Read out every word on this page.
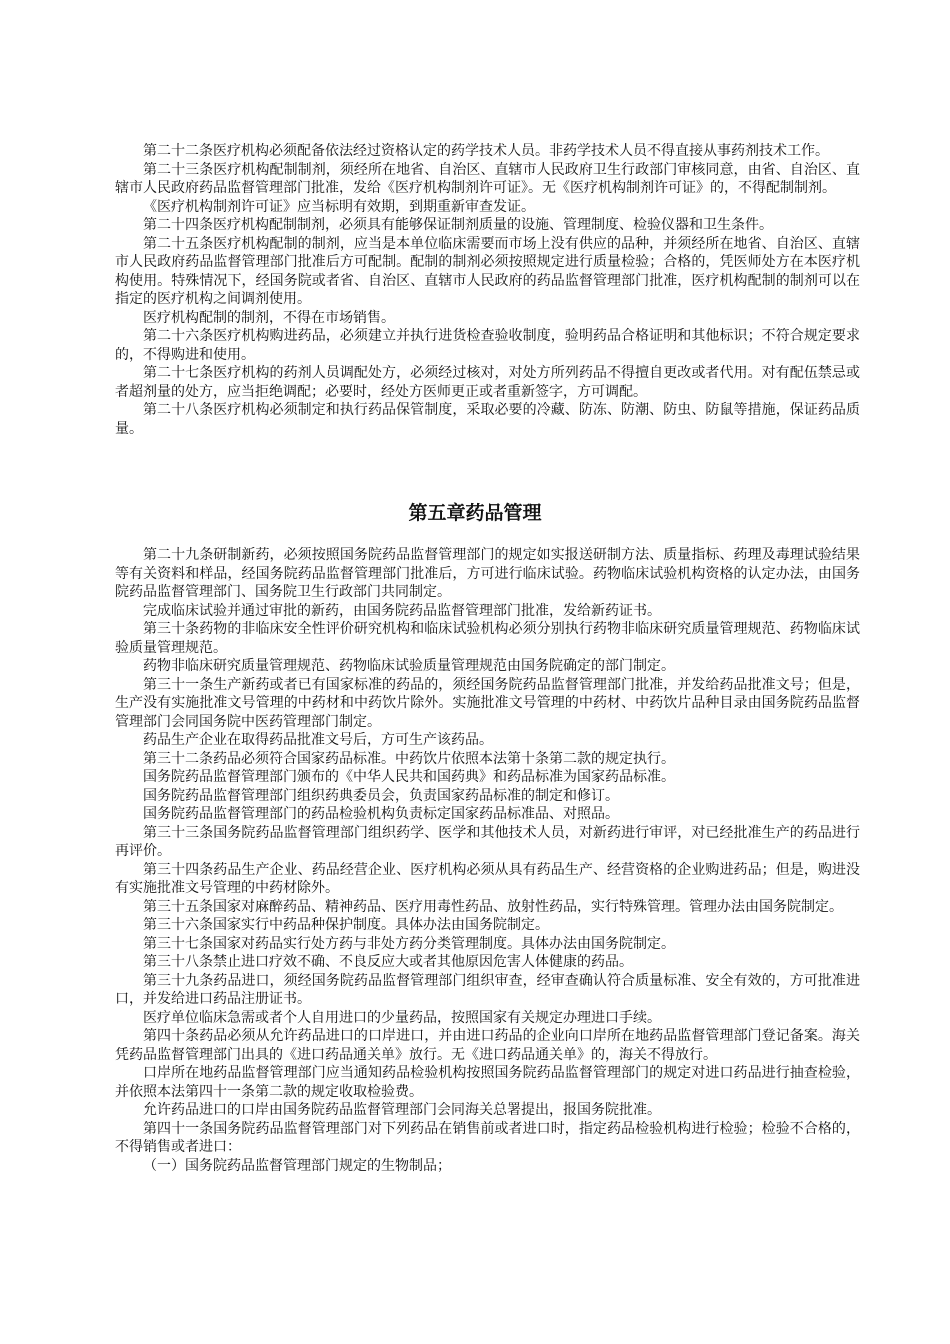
第二十二条医疗机构必须配备依法经过资格认定的药学技术人员。非药学技术人员不得直接从事药剂技术工作。

第二十三条医疗机构配制制剂，须经所在地省、自治区、直辖市人民政府卫生行政部门审核同意，由省、自治区、直辖市人民政府药品监督管理部门批准，发给《医疗机构制剂许可证》。无《医疗机构制剂许可证》的，不得配制制剂。

《医疗机构制剂许可证》应当标明有效期，到期重新审查发证。

第二十四条医疗机构配制制剂，必须具有能够保证制剂质量的设施、管理制度、检验仪器和卫生条件。

第二十五条医疗机构配制的制剂，应当是本单位临床需要而市场上没有供应的品种，并须经所在地省、自治区、直辖市人民政府药品监督管理部门批准后方可配制。配制的制剂必须按照规定进行质量检验；合格的，凭医师处方在本医疗机构使用。特殊情况下，经国务院或者省、自治区、直辖市人民政府的药品监督管理部门批准，医疗机构配制的制剂可以在指定的医疗机构之间调剂使用。

医疗机构配制的制剂，不得在市场销售。

第二十六条医疗机构购进药品，必须建立并执行进货检查验收制度，验明药品合格证明和其他标识；不符合规定要求的，不得购进和使用。

第二十七条医疗机构的药剂人员调配处方，必须经过核对，对处方所列药品不得擅自更改或者代用。对有配伍禁忌或者超剂量的处方，应当拒绝调配；必要时，经处方医师更正或者重新签字，方可调配。

第二十八条医疗机构必须制定和执行药品保管制度，采取必要的冷藏、防冻、防潮、防虫、防鼠等措施，保证药品质量。

第五章药品管理

第二十九条研制新药，必须按照国务院药品监督管理部门的规定如实报送研制方法、质量指标、药理及毒理试验结果等有关资料和样品，经国务院药品监督管理部门批准后，方可进行临床试验。药物临床试验机构资格的认定办法，由国务院药品监督管理部门、国务院卫生行政部门共同制定。

完成临床试验并通过审批的新药，由国务院药品监督管理部门批准，发给新药证书。

第三十条药物的非临床安全性评价研究机构和临床试验机构必须分别执行药物非临床研究质量管理规范、药物临床试验质量管理规范。

药物非临床研究质量管理规范、药物临床试验质量管理规范由国务院确定的部门制定。

第三十一条生产新药或者已有国家标准的药品的，须经国务院药品监督管理部门批准，并发给药品批准文号；但是，生产没有实施批准文号管理的中药材和中药饮片除外。实施批准文号管理的中药材、中药饮片品种目录由国务院药品监督管理部门会同国务院中医药管理部门制定。

药品生产企业在取得药品批准文号后，方可生产该药品。

第三十二条药品必须符合国家药品标准。中药饮片依照本法第十条第二款的规定执行。

国务院药品监督管理部门颁布的《中华人民共和国药典》和药品标准为国家药品标准。

国务院药品监督管理部门组织药典委员会，负责国家药品标准的制定和修订。

国务院药品监督管理部门的药品检验机构负责标定国家药品标准品、对照品。

第三十三条国务院药品监督管理部门组织药学、医学和其他技术人员，对新药进行审评，对已经批准生产的药品进行再评价。

第三十四条药品生产企业、药品经营企业、医疗机构必须从具有药品生产、经营资格的企业购进药品；但是，购进没有实施批准文号管理的中药材除外。

第三十五条国家对麻醉药品、精神药品、医疗用毒性药品、放射性药品，实行特殊管理。管理办法由国务院制定。

第三十六条国家实行中药品种保护制度。具体办法由国务院制定。

第三十七条国家对药品实行处方药与非处方药分类管理制度。具体办法由国务院制定。

第三十八条禁止进口疗效不确、不良反应大或者其他原因危害人体健康的药品。

第三十九条药品进口，须经国务院药品监督管理部门组织审查，经审查确认符合质量标准、安全有效的，方可批准进口，并发给进口药品注册证书。

医疗单位临床急需或者个人自用进口的少量药品，按照国家有关规定办理进口手续。

第四十条药品必须从允许药品进口的口岸进口，并由进口药品的企业向口岸所在地药品监督管理部门登记备案。海关凭药品监督管理部门出具的《进口药品通关单》放行。无《进口药品通关单》的，海关不得放行。

口岸所在地药品监督管理部门应当通知药品检验机构按照国务院药品监督管理部门的规定对进口药品进行抽查检验，并依照本法第四十一条第二款的规定收取检验费。

允许药品进口的口岸由国务院药品监督管理部门会同海关总署提出，报国务院批准。

第四十一条国务院药品监督管理部门对下列药品在销售前或者进口时，指定药品检验机构进行检验；检验不合格的，不得销售或者进口：

（一）国务院药品监督管理部门规定的生物制品；
